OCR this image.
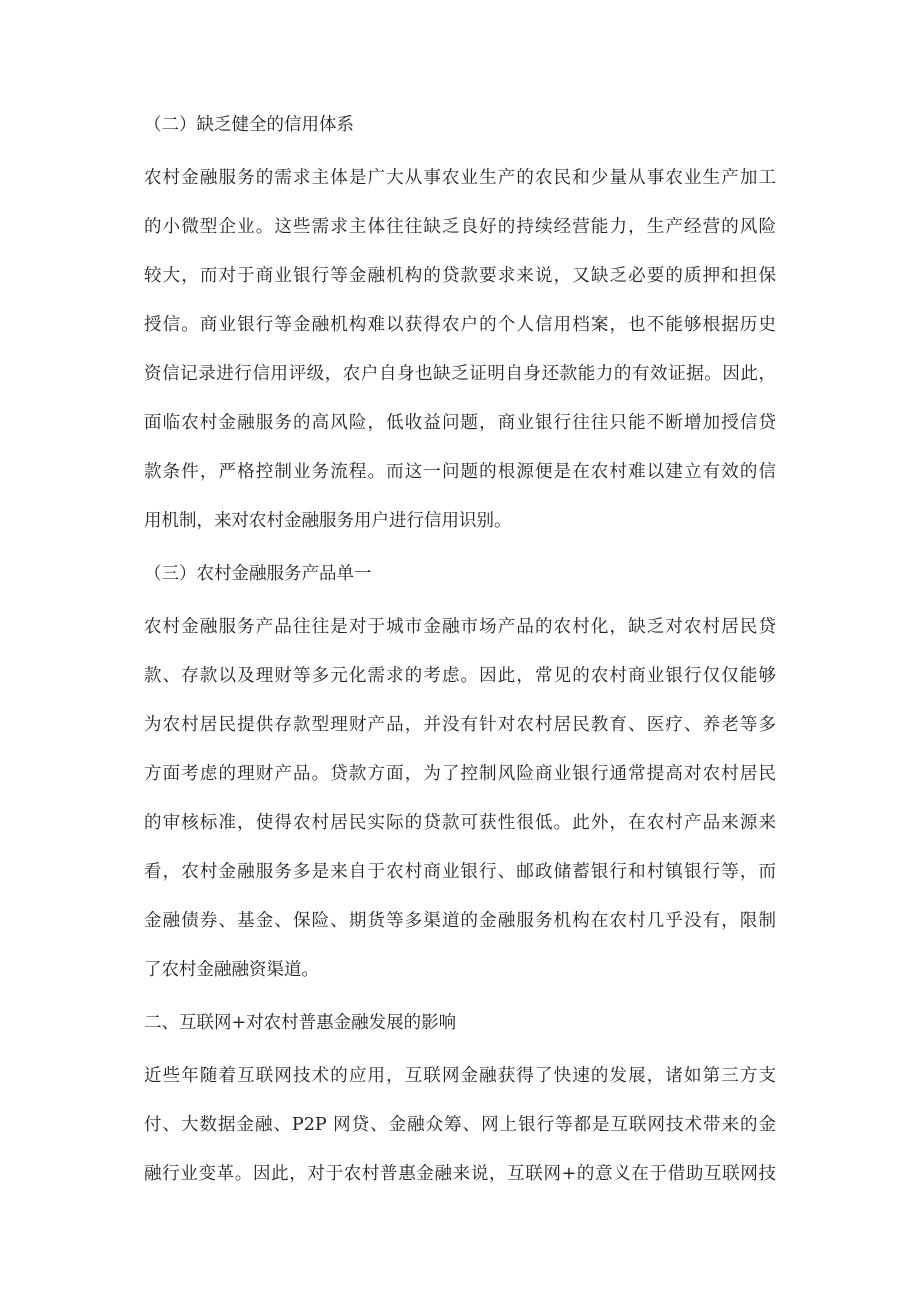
（二）缺乏健全的信用体系
农村金融服务的需求主体是广大从事农业生产的农民和少量从事农业生产加工
的小微型企业。这些需求主体往往缺乏良好的持续经营能力，生产经营的风险
较大，而对于商业银行等金融机构的贷款要求来说，又缺乏必要的质押和担保
授信。商业银行等金融机构难以获得农户的个人信用档案，也不能够根据历史
资信记录进行信用评级，农户自身也缺乏证明自身还款能力的有效证据。因此，
面临农村金融服务的高风险，低收益问题，商业银行往往只能不断增加授信贷
款条件，严格控制业务流程。而这一问题的根源便是在农村难以建立有效的信
用机制，来对农村金融服务用户进行信用识别。
（三）农村金融服务产品单一
农村金融服务产品往往是对于城市金融市场产品的农村化，缺乏对农村居民贷
款、存款以及理财等多元化需求的考虑。因此，常见的农村商业银行仅仅能够
为农村居民提供存款型理财产品，并没有针对农村居民教育、医疗、养老等多
方面考虑的理财产品。贷款方面，为了控制风险商业银行通常提高对农村居民
的审核标准，使得农村居民实际的贷款可获性很低。此外，在农村产品来源来
看，农村金融服务多是来自于农村商业银行、邮政储蓄银行和村镇银行等，而
金融债券、基金、保险、期货等多渠道的金融服务机构在农村几乎没有，限制
了农村金融融资渠道。
二、互联网+对农村普惠金融发展的影响
近些年随着互联网技术的应用，互联网金融获得了快速的发展，诸如第三方支
付、大数据金融、P2P 网贷、金融众筹、网上银行等都是互联网技术带来的金
融行业变革。因此，对于农村普惠金融来说，互联网+的意义在于借助互联网技
